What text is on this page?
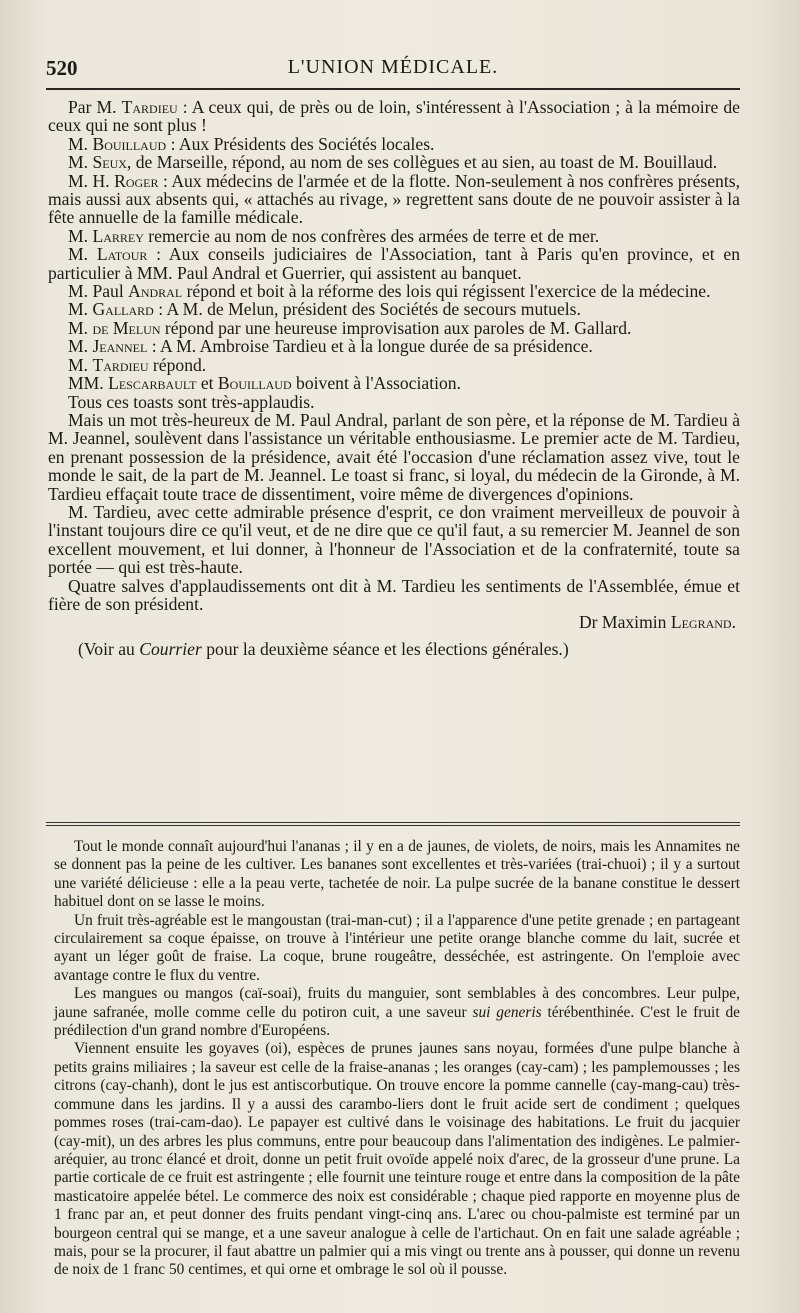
520	L'UNION MÉDICALE.

Par M. Tardieu : A ceux qui, de près ou de loin, s'intéressent à l'Association ; à la mémoire de ceux qui ne sont plus !

M. Bouillaud : Aux Présidents des Sociétés locales.

M. Seux, de Marseille, répond, au nom de ses collègues et au sien, au toast de M. Bouillaud.

M. H. Roger : Aux médecins de l'armée et de la flotte. Non-seulement à nos confrères présents, mais aussi aux absents qui, « attachés au rivage, » regrettent sans doute de ne pouvoir assister à la fête annuelle de la famille médicale.

M. Larrey remercie au nom de nos confrères des armées de terre et de mer.

M. Latour : Aux conseils judiciaires de l'Association, tant à Paris qu'en province, et en particulier à MM. Paul Andral et Guerrier, qui assistent au banquet.

M. Paul Andral répond et boit à la réforme des lois qui régissent l'exercice de la médecine.

M. Gallard : A M. de Melun, président des Sociétés de secours mutuels.

M. de Melun répond par une heureuse improvisation aux paroles de M. Gallard.

M. Jeannel : A M. Ambroise Tardieu et à la longue durée de sa présidence.

M. Tardieu répond.

MM. Lescarbault et Bouillaud boivent à l'Association.

Tous ces toasts sont très-applaudis.

Mais un mot très-heureux de M. Paul Andral, parlant de son père, et la réponse de M. Tardieu à M. Jeannel, soulèvent dans l'assistance un véritable enthousiasme. Le premier acte de M. Tardieu, en prenant possession de la présidence, avait été l'occasion d'une réclamation assez vive, tout le monde le sait, de la part de M. Jeannel. Le toast si franc, si loyal, du médecin de la Gironde, à M. Tardieu effaçait toute trace de dissentiment, voire même de divergences d'opinions.

M. Tardieu, avec cette admirable présence d'esprit, ce don vraiment merveilleux de pouvoir à l'instant toujours dire ce qu'il veut, et de ne dire que ce qu'il faut, a su remercier M. Jeannel de son excellent mouvement, et lui donner, à l'honneur de l'Association et de la confraternité, toute sa portée — qui est très-haute.

Quatre salves d'applaudissements ont dit à M. Tardieu les sentiments de l'Assemblée, émue et fière de son président.

Dr Maximin Legrand.

(Voir au Courrier pour la deuxième séance et les élections générales.)

Tout le monde connaît aujourd'hui l'ananas ; il y en a de jaunes, de violets, de noirs, mais les Annamites ne se donnent pas la peine de les cultiver. Les bananes sont excellentes et très-variées (trai-chuoi) ; il y a surtout une variété délicieuse : elle a la peau verte, tachetée de noir. La pulpe sucrée de la banane constitue le dessert habituel dont on se lasse le moins.

Un fruit très-agréable est le mangoustan (trai-man-cut) ; il a l'apparence d'une petite grenade ; en partageant circulairement sa coque épaisse, on trouve à l'intérieur une petite orange blanche comme du lait, sucrée et ayant un léger goût de fraise. La coque, brune rougeâtre, desséchée, est astringente. On l'emploie avec avantage contre le flux du ventre.

Les mangues ou mangos (caï-soai), fruits du manguier, sont semblables à des concombres. Leur pulpe, jaune safranée, molle comme celle du potiron cuit, a une saveur sui generis térébenthinée. C'est le fruit de prédilection d'un grand nombre d'Européens.

Viennent ensuite les goyaves (oi), espèces de prunes jaunes sans noyau, formées d'une pulpe blanche à petits grains miliaires ; la saveur est celle de la fraise-ananas ; les oranges (cay-cam) ; les pamplemousses ; les citrons (cay-chanh), dont le jus est antiscorbutique. On trouve encore la pomme cannelle (cay-mang-cau) très-commune dans les jardins. Il y a aussi des carambo-liers dont le fruit acide sert de condiment ; quelques pommes roses (trai-cam-dao). Le papayer est cultivé dans le voisinage des habitations. Le fruit du jacquier (cay-mit), un des arbres les plus communs, entre pour beaucoup dans l'alimentation des indigènes. Le palmier-aréquier, au tronc élancé et droit, donne un petit fruit ovoïde appelé noix d'arec, de la grosseur d'une prune. La partie corticale de ce fruit est astringente ; elle fournit une teinture rouge et entre dans la composition de la pâte masticatoire appelée bétel. Le commerce des noix est considérable ; chaque pied rapporte en moyenne plus de 1 franc par an, et peut donner des fruits pendant vingt-cinq ans. L'arec ou chou-palmiste est terminé par un bourgeon central qui se mange, et a une saveur analogue à celle de l'artichaut. On en fait une salade agréable ; mais, pour se la procurer, il faut abattre un palmier qui a mis vingt ou trente ans à pousser, qui donne un revenu de noix de 1 franc 50 centimes, et qui orne et ombrage le sol où il pousse.
